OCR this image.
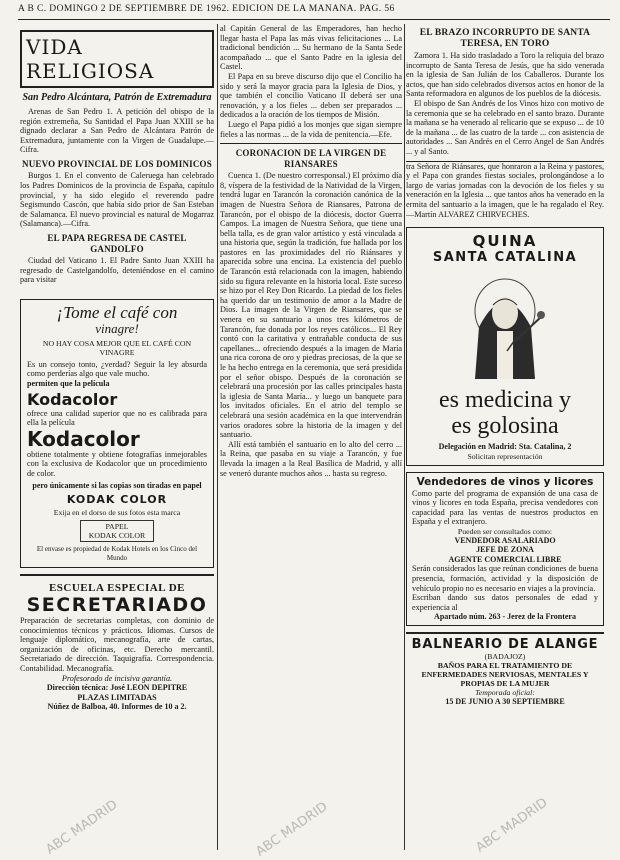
A B C. DOMINGO 2 DE SEPTIEMBRE DE 1962. EDICION DE LA MAÑANA. PAG. 56
VIDA RELIGIOSA
San Pedro Alcántara, Patrón de Extremadura

Arenas de San Pedro 1. A petición del obispo de la región extremeña, Su Santidad el Papa Juan XXIII se ha dignado declarar a San Pedro de Alcántara Patrón de Extremadura, juntamente con la Virgen de Guadalupe.—Cifra.

NUEVO PROVINCIAL DE LOS DOMINICOS

Burgos 1. En el convento de Caleruega han celebrado los Padres Dominicos de la provincia de España, capítulo provincial, y ha sido elegido el reverendo padre Segismundo Cascón, que había sido prior de San Esteban de Salamanca. El nuevo provincial es natural de Mogarraz (Salamanca).—Cifra.

EL PAPA REGRESA DE CASTEL GANDOLFO

Ciudad del Vaticano 1. El Padre Santo Juan XXIII ha regresado de Castelgandolfo, deteniéndose en el camino para visitar

¡Tome el café con
vinagre!
NO HAY COSA MEJOR QUE EL CAFÉ CON VINAGRE

Es un consejo tonto, ¿verdad? Seguir la ley absurda como perderías algo que vale mucho.

permiten que la película
Kodacolor

ofrece una calidad superior que no es calibrada para ella la película

Kodacolor

obtiene totalmente y obtiene fotografías inmejorables con la exclusiva de Kodacolor que un procedimiento de color.

pero únicamente si las copias son tiradas en papel
KODAK COLOR
Exija en el dorso de sus fotos esta marca
PAPEL
KODAK COLOR
El envase es propiedad de Kodak Hotels en los Cinco del Mundo
ESCUELA ESPECIAL DE
SECRETARIADO

Preparación de secretarias completas, con dominio de conocimientos técnicos y prácticos. Idiomas. Cursos de lenguaje diplomático, mecanografía, arte de cartas, organización de oficinas, etc. Derecho mercantil. Secretariado de dirección. Taquigrafía. Correspondencia. Contabilidad. Mecanografía.

Profesorado de incisiva garantía.
Dirección técnica: José LEON DEPITRE
PLAZAS LIMITADAS
Núñez de Balboa, 40. Informes de 10 a 2.

al Capitán General de las Emperadores, han hecho llegar hasta el Papa las más vivas felicitaciones ... La tradicional bendición ... Su hermano de la Santa Sede acompañado ... que el Santo Padre en la iglesia del Castel.

El Papa en su breve discurso dijo que el Concilio ha sido y será la mayor gracia para la Iglesia de Dios, y que también el concilio Vaticano II deberá ser una renovación, y a los fieles ... deben ser preparados ... dedicados a la oración de los tiempos de Misión.

Luego el Papa pidió a los monjes que sigan siempre fieles a las normas ... de la vida de penitencia.—Efe.

CORONACION DE LA VIRGEN DE RIANSARES

Cuenca 1. (De nuestro corresponsal.) El próximo día 8, víspera de la festividad de la Natividad de la Virgen, tendrá lugar en Tarancón la coronación canónica de la imagen de Nuestra Señora de Riansares, Patrona de Tarancón, por el obispo de la diócesis, doctor Guerra Campos. La imagen de Nuestra Señora, que tiene una bella talla, es de gran valor artístico y está vinculada a una historia que, según la tradición, fue hallada por los pastores en las proximidades del río Riánsares y aparecida sobre una encina. La existencia del pueblo de Tarancón está relacionada con la imagen, habiendo sido su figura relevante en la historia local. Este suceso se hizo por el Rey Don Ricardo. La piedad de los fieles ha querido dar un testimonio de amor a la Madre de Dios. La imagen de la Virgen de Riansares, que se venera en su santuario a unos tres kilómetros de Tarancón, fue donada por los reyes católicos... El Rey contó con la caritativa y entrañable conducta de sus capellanes... ofreciendo después a la imagen de María una rica corona de oro y piedras preciosas, de la que se le ha hecho entrega en la ceremonia, que será presidida por el señor obispo. Después de la coronación se celebrará una procesión por las calles principales hasta la iglesia de Santa María... y luego un banquete para los invitados oficiales. En el atrio del templo se celebrará una sesión académica en la que intervendrán varios oradores sobre la historia de la imagen y del santuario.

Allí está también el santuario en lo alto del cerro ... la Reina, que pasaba en su viaje a Tarancón, y fue llevada la imagen a la Real Basílica de Madrid, y allí se veneró durante muchos años ... hasta su regreso.

EL BRAZO INCORRUPTO DE SANTA TERESA, EN TORO

Zamora 1. Ha sido trasladado a Toro la reliquia del brazo incorrupto de Santa Teresa de Jesús, que ha sido venerada en la iglesia de San Julián de los Caballeros. Durante los actos, que han sido celebrados diversos actos en honor de la Santa reformadora en algunos de los pueblos de la diócesis.

El obispo de San Andrés de los Vinos hizo con motivo de la ceremonia que se ha celebrado en el santo brazo. Durante la mañana se ha venerado al relicario que se expuso ... de 10 de la mañana ... de las cuatro de la tarde ... con asistencia de autoridades ... San Andrés en el Cerro Angel de San Andrés ... y al Santo.

tra Señora de Riánsares, que honraron a la Reina y pastores, y el Papa con grandes fiestas sociales, prolongándose a lo largo de varias jornadas con la devoción de los fieles y su veneración en la Iglesia ... que tantos años ha venerado en la ermita del santuario a la imagen, que le ha regalado el Rey.—Martín ALVAREZ CHIRVECHES.

QUINA
SANTA CATALINA
es medicina y
es golosina
Delegación en Madrid: Sta. Catalina, 2
Solicitan representación
Vendedores de vinos y licores

Como parte del programa de expansión de una casa de vinos y licores en toda España, precisa vendedores con capacidad para las ventas de nuestros productos en España y el extranjero.

Pueden ser consultados como:
VENDEDOR ASALARIADO
JEFE DE ZONA
AGENTE COMERCIAL LIBRE

Serán considerados las que reúnan condiciones de buena presencia, formación, actividad y la disposición de vehículo propio no es necesario en viajes a la provincia.

Escriban dando sus datos personales de edad y experiencia al

Apartado núm. 263 - Jerez de la Frontera
BALNEARIO DE ALANGE
(BADAJOZ)
BAÑOS PARA EL TRATAMIENTO DE ENFERMEDADES NERVIOSAS, MENTALES Y PROPIAS DE LA MUJER
Temporada oficial:
15 DE JUNIO A 30 SEPTIEMBRE
ABC MADRID	ABC MADRID	ABC MADRID
